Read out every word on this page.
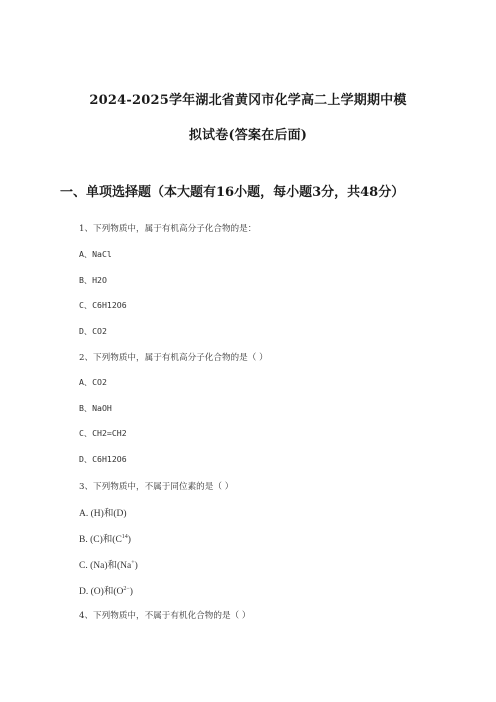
2024-2025学年湖北省黄冈市化学高二上学期期中模
拟试卷(答案在后面)
一、单项选择题（本大题有16小题，每小题3分，共48分）
1、下列物质中，属于有机高分子化合物的是：
A、NaCl
B、H2O
C、C6H12O6
D、CO2
2、下列物质中，属于有机高分子化合物的是（ ）
A、CO2
B、NaOH
C、CH2=CH2
D、C6H12O6
3、下列物质中，不属于同位素的是（ ）
A. (H)和(D)
B. (C)和$(C^{14})$
C. (Na)和(Na+)
D. (O)和$(O^{2-})$
4、下列物质中，不属于有机化合物的是（ ）
